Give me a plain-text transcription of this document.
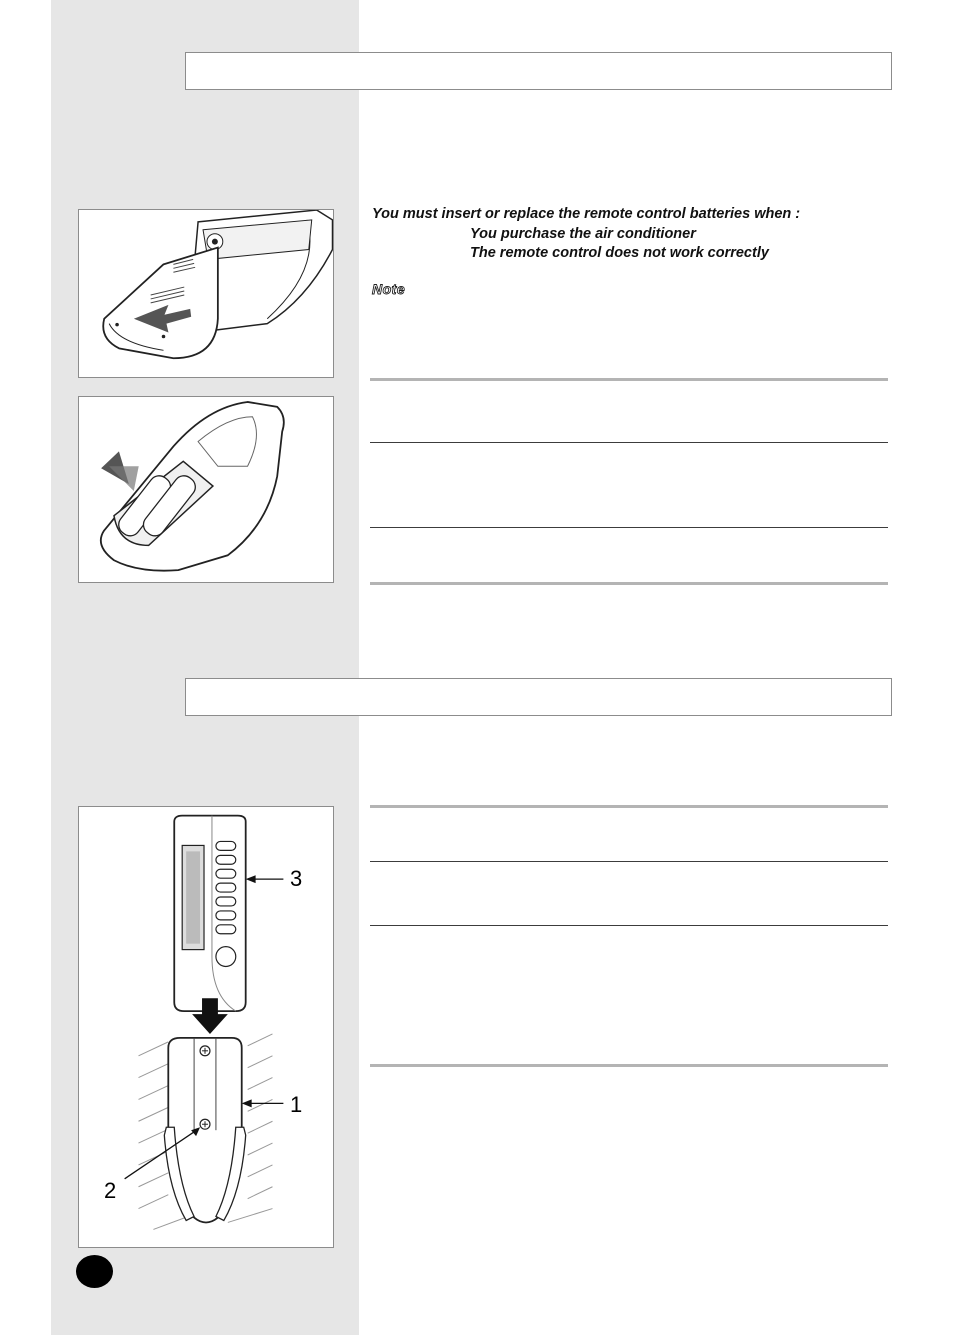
You must insert or replace the remote control batteries when :
You purchase the air conditioner
The remote control does not work correctly
Note
3
1
2
